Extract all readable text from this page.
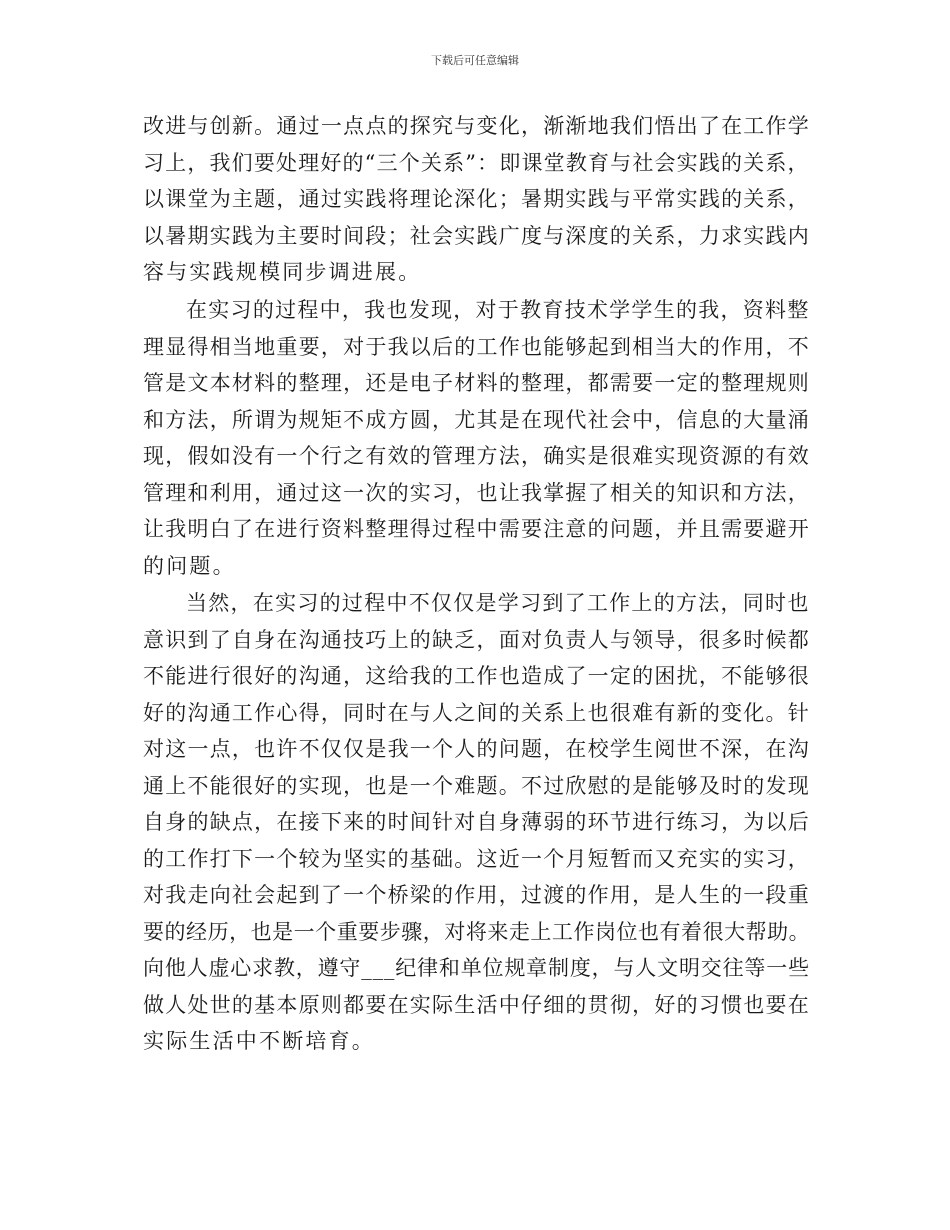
下载后可任意编辑
改进与创新。通过一点点的探究与变化，渐渐地我们悟出了在工作学
习上，我们要处理好的“三个关系”：即课堂教育与社会实践的关系，
以课堂为主题，通过实践将理论深化；暑期实践与平常实践的关系，
以暑期实践为主要时间段；社会实践广度与深度的关系，力求实践内
容与实践规模同步调进展。
在实习的过程中，我也发现，对于教育技术学学生的我，资料整
理显得相当地重要，对于我以后的工作也能够起到相当大的作用，不
管是文本材料的整理，还是电子材料的整理，都需要一定的整理规则
和方法，所谓为规矩不成方圆，尤其是在现代社会中，信息的大量涌
现，假如没有一个行之有效的管理方法，确实是很难实现资源的有效
管理和利用，通过这一次的实习，也让我掌握了相关的知识和方法，
让我明白了在进行资料整理得过程中需要注意的问题，并且需要避开
的问题。
当然，在实习的过程中不仅仅是学习到了工作上的方法，同时也
意识到了自身在沟通技巧上的缺乏，面对负责人与领导，很多时候都
不能进行很好的沟通，这给我的工作也造成了一定的困扰，不能够很
好的沟通工作心得，同时在与人之间的关系上也很难有新的变化。针
对这一点，也许不仅仅是我一个人的问题，在校学生阅世不深，在沟
通上不能很好的实现，也是一个难题。不过欣慰的是能够及时的发现
自身的缺点，在接下来的时间针对自身薄弱的环节进行练习，为以后
的工作打下一个较为坚实的基础。这近一个月短暂而又充实的实习，
对我走向社会起到了一个桥梁的作用，过渡的作用，是人生的一段重
要的经历，也是一个重要步骤，对将来走上工作岗位也有着很大帮助。
向他人虚心求教，遵守___纪律和单位规章制度，与人文明交往等一些
做人处世的基本原则都要在实际生活中仔细的贯彻，好的习惯也要在
实际生活中不断培育。
